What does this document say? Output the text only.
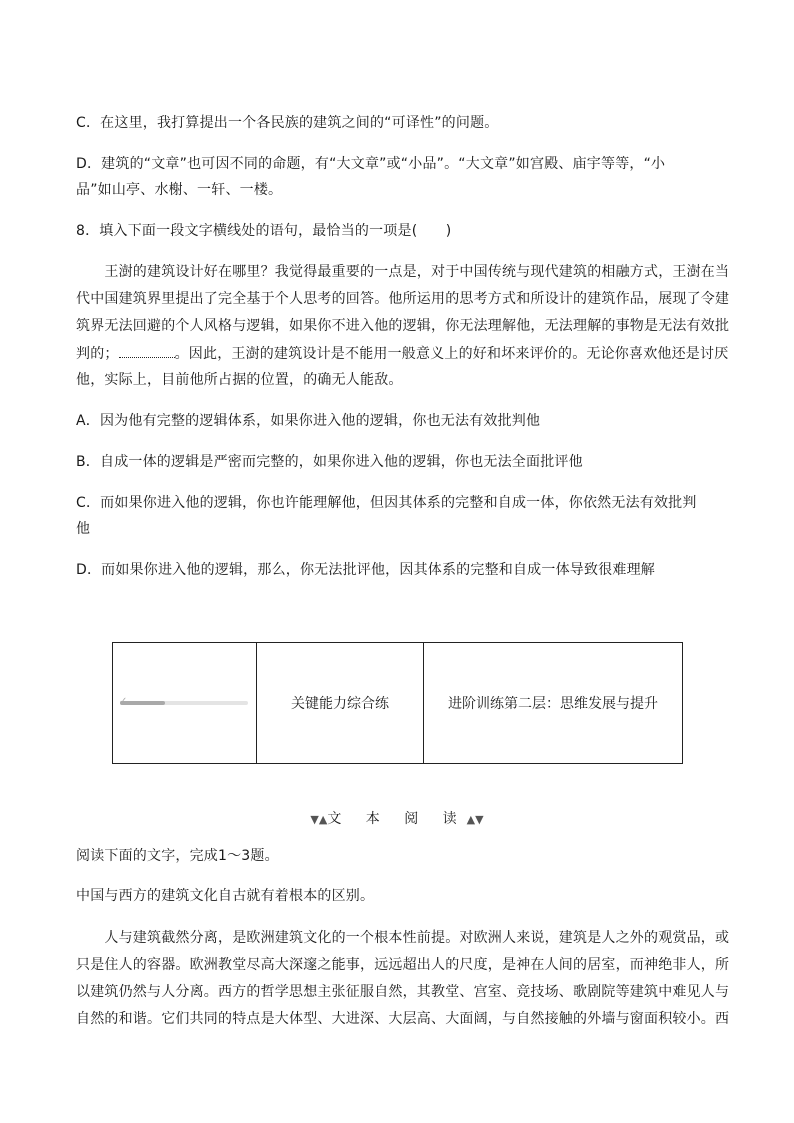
C．在这里，我打算提出一个各民族的建筑之间的“可译性”的问题。
D．建筑的“文章”也可因不同的命题，有“大文章”或“小品”。“大文章”如宫殿、庙宇等等，“小
品”如山亭、水榭、一轩、一楼。
8．填入下面一段文字横线处的语句，最恰当的一项是(　　)
　　王澍的建筑设计好在哪里？我觉得最重要的一点是，对于中国传统与现代建筑的相融方式，王澍在当
代中国建筑界里提出了完全基于个人思考的回答。他所运用的思考方式和所设计的建筑作品，展现了令建
筑界无法回避的个人风格与逻辑，如果你不进入他的逻辑，你无法理解他，无法理解的事物是无法有效批
判的；	。因此，王澍的建筑设计是不能用一般意义上的好和坏来评价的。无论你喜欢他还是讨厌
他，实际上，目前他所占据的位置，的确无人能敌。
A．因为他有完整的逻辑体系，如果你进入他的逻辑，你也无法有效批判他
B．自成一体的逻辑是严密而完整的，如果你进入他的逻辑，你也无法全面批评他
C．而如果你进入他的逻辑，你也许能理解他，但因其体系的完整和自成一体，你依然无法有效批判
他
D．而如果你进入他的逻辑，那么，你无法批评他，因其体系的完整和自成一体导致很难理解
	关键能力综合练	进阶训练第二层：思维发展与提升
▼▲文 本 阅 读▲▼
阅读下面的文字，完成1～3题。
中国与西方的建筑文化自古就有着根本的区别。
　　人与建筑截然分离，是欧洲建筑文化的一个根本性前提。对欧洲人来说，建筑是人之外的观赏品，或
只是住人的容器。欧洲教堂尽高大深邃之能事，远远超出人的尺度，是神在人间的居室，而神绝非人，所
以建筑仍然与人分离。西方的哲学思想主张征服自然，其教堂、宫室、竞技场、歌剧院等建筑中难见人与
自然的和谐。它们共同的特点是大体型、大进深、大层高、大面阔，与自然接触的外墙与窗面积较小。西
